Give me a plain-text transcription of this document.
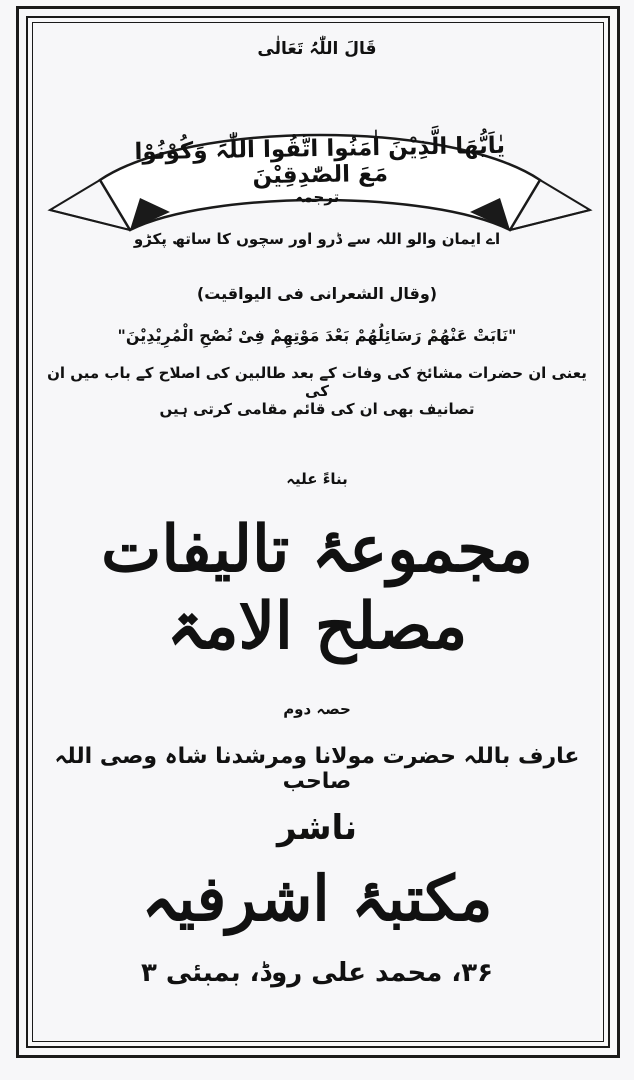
قَالَ اللّٰہُ تَعَالٰی
یٰاَیُّھَا الَّذِیْنَ اٰمَنُوا اتَّقُوا اللّٰہَ وَکُوْنُوْا مَعَ الصّٰدِقِیْنَ
ترجمہ
اے ایمان والو اللہ سے ڈرو اور سچوں کا ساتھ پکڑو
(وقال الشعرانی فی الیواقیت)
"نَابَتْ عَنْھُمْ رَسَائِلُھُمْ بَعْدَ مَوْتِھِمْ فِیْ نُصْحِ الْمُرِیْدِیْنَ"
یعنی ان حضرات مشائخ کی وفات کے بعد طالبین کی اصلاح کے باب میں ان کی
تصانیف بھی ان کی قائم مقامی کرتی ہیں
بناءً علیہ
مجموعۂ تالیفات مصلح الامۃ
حصہ دوم
عارف باللہ حضرت مولانا ومرشدنا شاہ وصی اللہ صاحب
ناشر
مکتبۂ اشرفیہ
۳۶، محمد علی روڈ، بمبئی ۳
